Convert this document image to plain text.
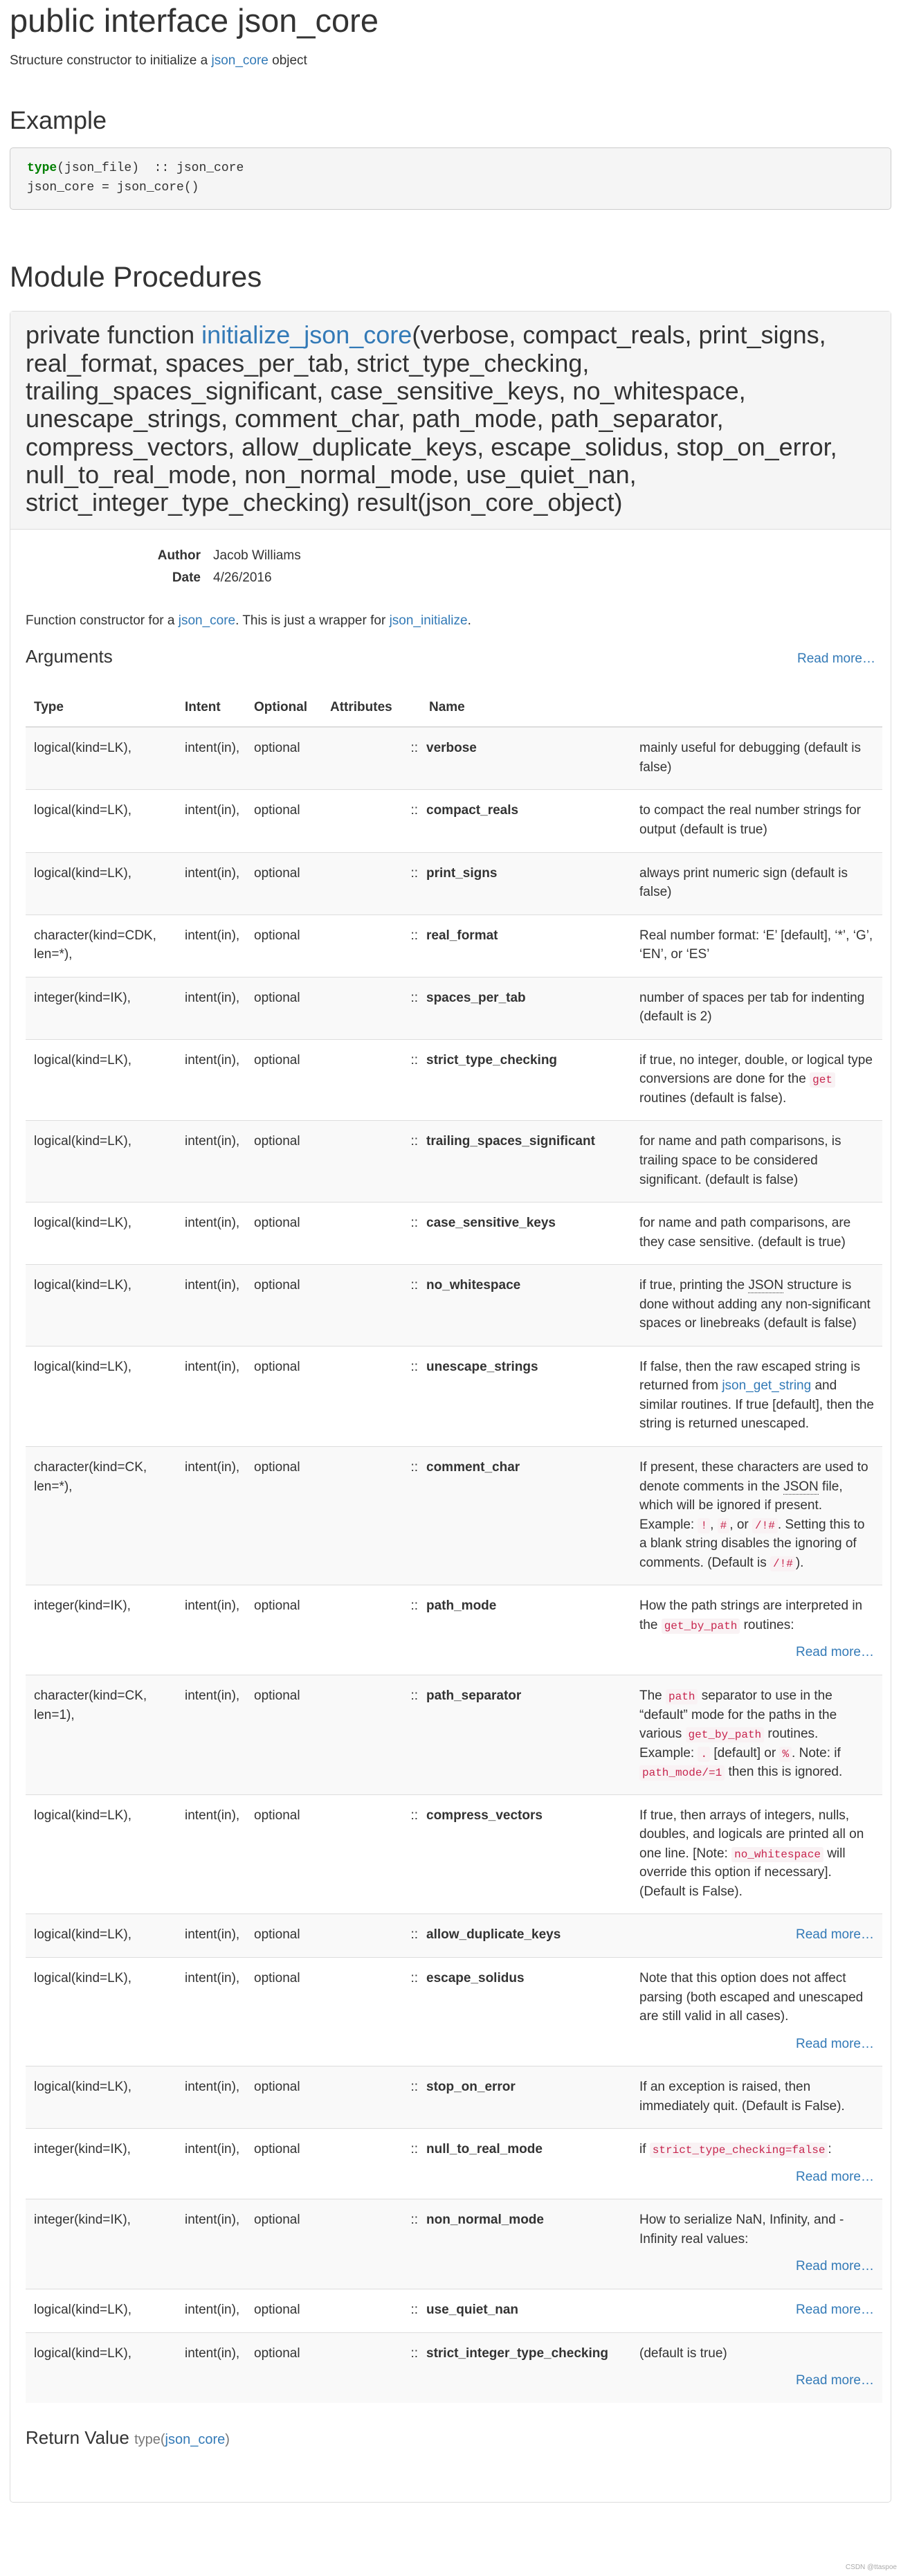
public interface json_core

Structure constructor to initialize a json_core object

Example
type(json_file)  :: json_core
json_core = json_core()
Module Procedures
private function initialize_json_core(verbose, compact_reals, print_signs, real_format, spaces_per_tab, strict_type_checking, trailing_spaces_significant, case_sensitive_keys, no_whitespace, unescape_strings, comment_char, path_mode, path_separator, compress_vectors, allow_duplicate_keys, escape_solidus, stop_on_error, null_to_real_mode, non_normal_mode, use_quiet_nan, strict_integer_type_checking) result(json_core_object)
Author Jacob Williams
Date 4/26/2016

Function constructor for a json_core. This is just a wrapper for json_initialize.

Arguments	Read more…
Type	Intent	Optional	Attributes		Name	
logical(kind=LK),	intent(in),	optional		::	verbose	mainly useful for debugging (default is false)
logical(kind=LK),	intent(in),	optional		::	compact_reals	to compact the real number strings for output (default is true)
logical(kind=LK),	intent(in),	optional		::	print_signs	always print numeric sign (default is false)
character(kind=CDK, len=*),	intent(in),	optional		::	real_format	Real number format: ‘E’ [default], ‘*’, ‘G’, ‘EN’, or ‘ES’
integer(kind=IK),	intent(in),	optional		::	spaces_per_tab	number of spaces per tab for indenting (default is 2)
logical(kind=LK),	intent(in),	optional		::	strict_type_checking	if true, no integer, double, or logical type conversions are done for the get routines (default is false).
logical(kind=LK),	intent(in),	optional		::	trailing_spaces_significant	for name and path comparisons, is trailing space to be considered significant. (default is false)
logical(kind=LK),	intent(in),	optional		::	case_sensitive_keys	for name and path comparisons, are they case sensitive. (default is true)
logical(kind=LK),	intent(in),	optional		::	no_whitespace	if true, printing the JSON structure is done without adding any non-significant spaces or linebreaks (default is false)
logical(kind=LK),	intent(in),	optional		::	unescape_strings	If false, then the raw escaped string is returned from json_get_string and similar routines. If true [default], then the string is returned unescaped.
character(kind=CK, len=*),	intent(in),	optional		::	comment_char	If present, these characters are used to denote comments in the JSON file, which will be ignored if present. Example: ! , # , or /!# . Setting this to a blank string disables the ignoring of comments. (Default is /!# ).
integer(kind=IK),	intent(in),	optional		::	path_mode	How the path strings are interpreted in the get_by_path routines:
Read more…

character(kind=CK, len=1),	intent(in),	optional		::	path_separator	The path separator to use in the “default” mode for the paths in the various get_by_path routines. Example: . [default] or % . Note: if path_mode/=1 then this is ignored.
logical(kind=LK),	intent(in),	optional		::	compress_vectors	If true, then arrays of integers, nulls, doubles, and logicals are printed all on one line. [Note: no_whitespace will override this option if necessary]. (Default is False).
logical(kind=LK),	intent(in),	optional		::	allow_duplicate_keys	Read more…

logical(kind=LK),	intent(in),	optional		::	escape_solidus	Note that this option does not affect parsing (both escaped and unescaped are still valid in all cases).
Read more…

logical(kind=LK),	intent(in),	optional		::	stop_on_error	If an exception is raised, then immediately quit. (Default is False).
integer(kind=IK),	intent(in),	optional		::	null_to_real_mode	if strict_type_checking=false :
Read more…

integer(kind=IK),	intent(in),	optional		::	non_normal_mode	How to serialize NaN, Infinity, and -Infinity real values:
Read more…

logical(kind=LK),	intent(in),	optional		::	use_quiet_nan	Read more…

logical(kind=LK),	intent(in),	optional		::	strict_integer_type_checking	(default is true)
Read more…
Return Value type(json_core)
CSDN @ttaspoe
